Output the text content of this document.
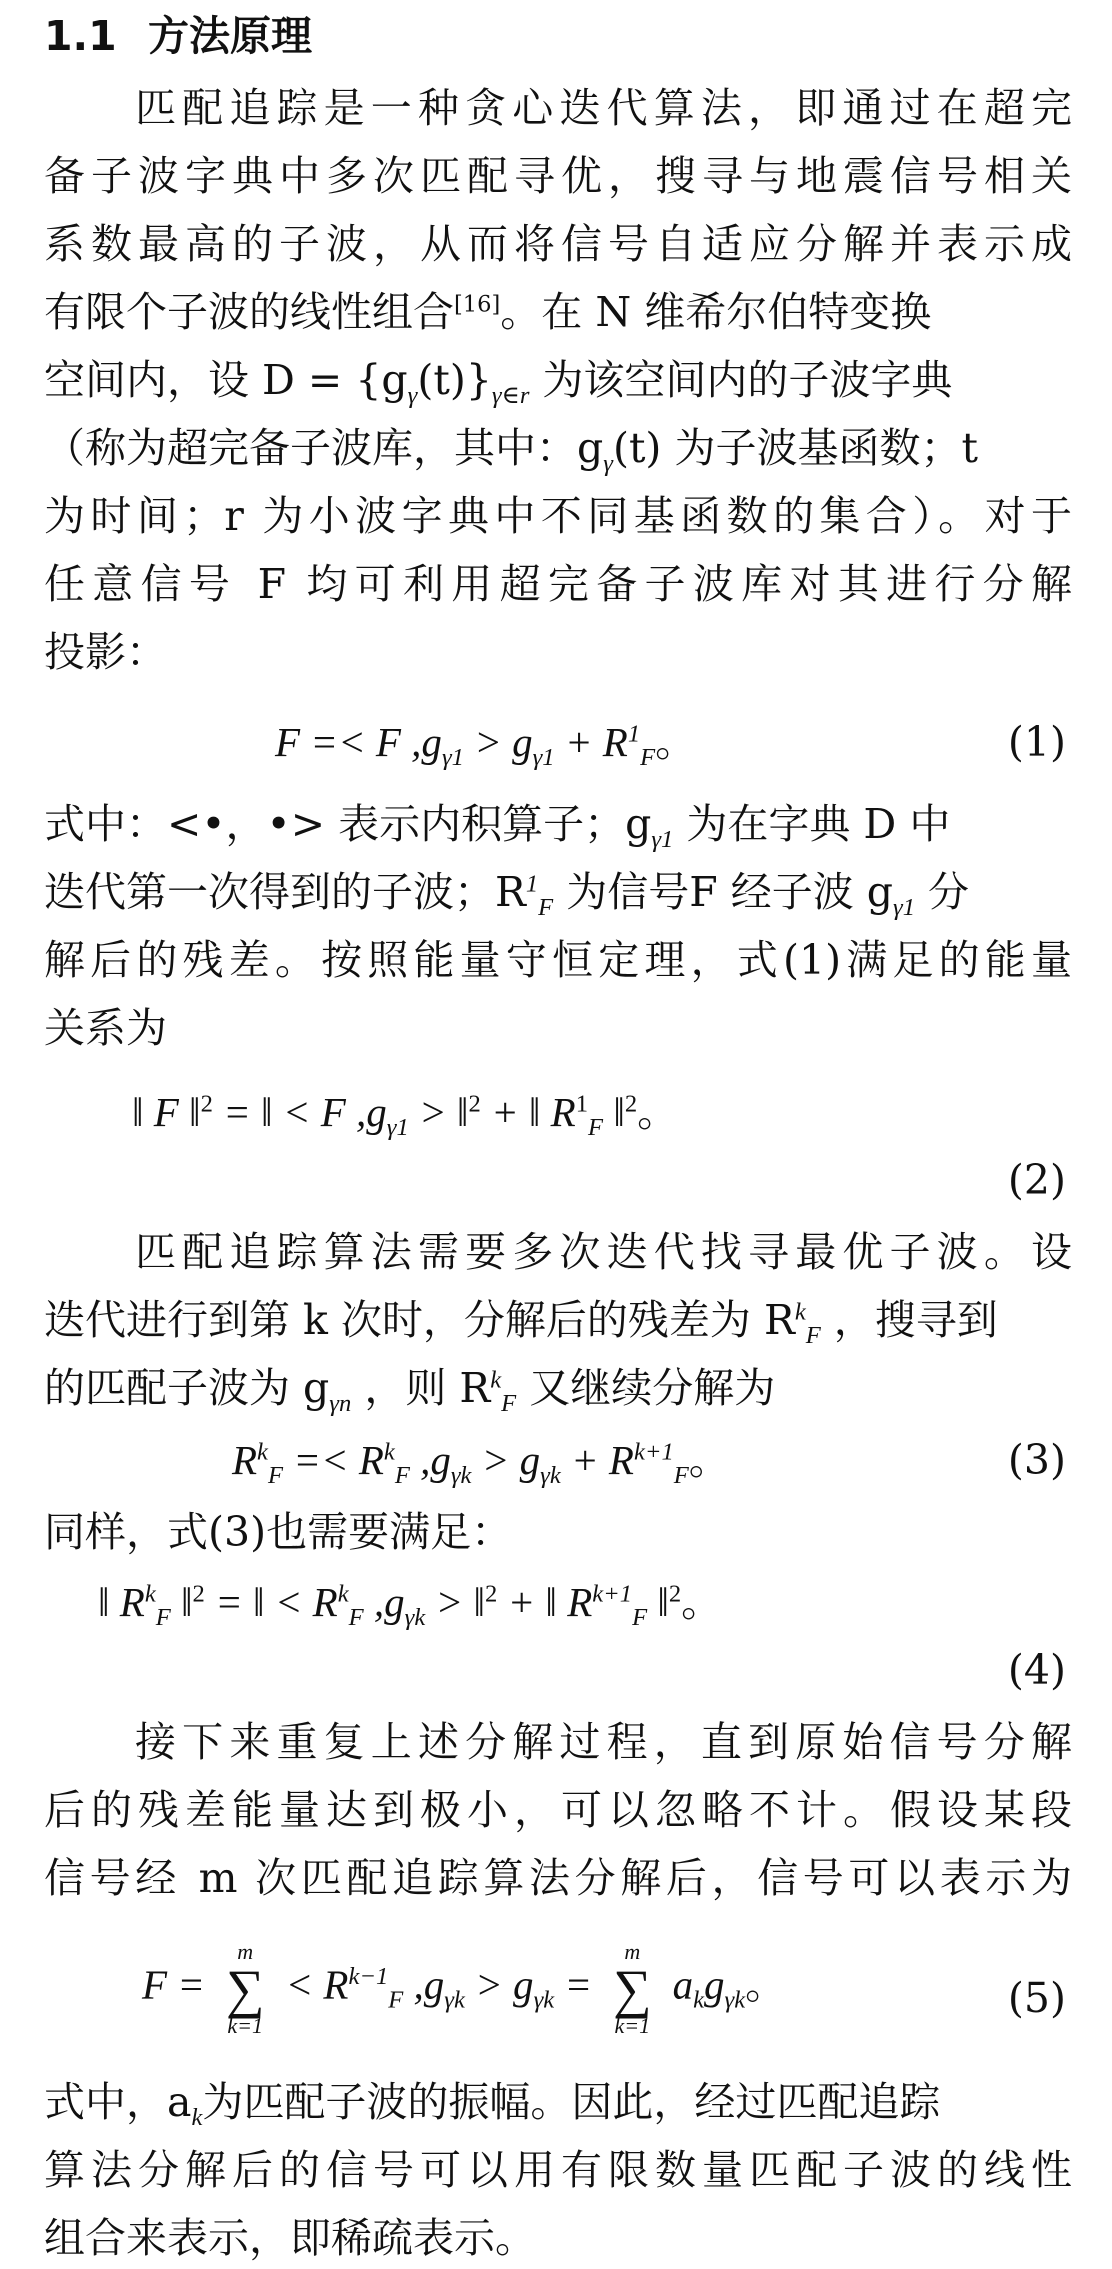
1.1 方法原理
匹配追踪是一种贪心迭代算法，即通过在超完
备子波字典中多次匹配寻优，搜寻与地震信号相关
系数最高的子波，从而将信号自适应分解并表示成
有限个子波的线性组合[16]。在 N 维希尔伯特变换
空间内，设 $D = \{g_\gamma(t)\}_{\gamma\in r}$ 为该空间内的子波字典
（称为超完备子波库，其中：$g_\gamma(t)$ 为子波基函数；t
为时间；r 为小波字典中不同基函数的集合）。对于
任意信号 F 均可利用超完备子波库对其进行分解
投影：
F =< F $,g_{\gamma 1} > g_{\gamma 1} + R^1_F$。	(1)
式中：<•，•> 表示内积算子；$g_{\gamma 1}$ 为在字典 D 中
迭代第一次得到的子波；$R^1_F$ 为信号F 经子波 $g_{\gamma 1}$ 分
解后的残差。按照能量守恒定理，式(1)满足的能量
关系为
‖ F ‖$^2$ = ‖ < F $,g_{\gamma 1}$ > ‖$^2$ + ‖ $R^1_F$ ‖$^2$。
(2)
匹配追踪算法需要多次迭代找寻最优子波。设
迭代进行到第 k 次时，分解后的残差为 $R^k_F$ ，搜寻到
的匹配子波为 $g_{\gamma n}$ ，则 $R^k_F$ 又继续分解为
$R^k_F =< R^k_F$ $,g_{\gamma k} > g_{\gamma k} + R^{k+1}_F$。	(3)
同样，式(3)也需要满足：
‖ $R^k_F$ ‖$^2$ = ‖ < $R^k_F$ $,g_{\gamma k}$ > ‖$^2$ + ‖ $R^{k+1}_F$ ‖$^2$。
(4)
接下来重复上述分解过程，直到原始信号分解
后的残差能量达到极小，可以忽略不计。假设某段
信号经 m 次匹配追踪算法分解后，信号可以表示为
F =
m
∑
k=1
< $R^{k-1}_F$ $,g_{\gamma k} > g_{\gamma k}$ =
m
∑
k=1
$a_kg_{\gamma k}$。	(5)
式中，$a_k$为匹配子波的振幅。因此，经过匹配追踪
算法分解后的信号可以用有限数量匹配子波的线性
组合来表示，即稀疏表示。
